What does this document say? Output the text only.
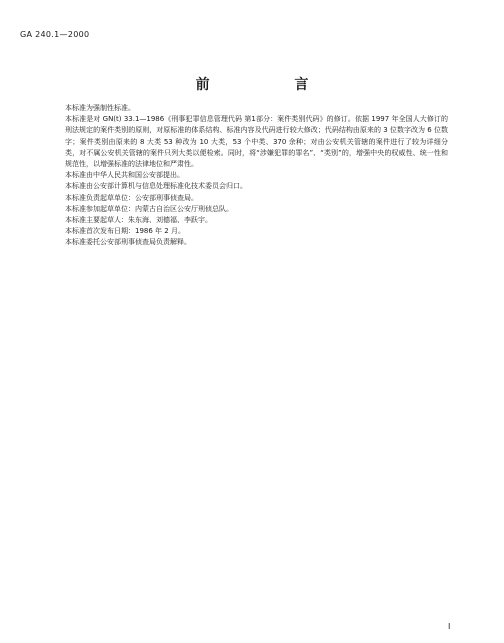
GA 240.1—2000
前 言

本标准为强制性标准。

本标准是对 GN(t) 33.1—1986《刑事犯罪信息管理代码 第1部分：案件类别代码》的修订。依据 1997 年全国人大修订的刑法规定的案件类别的原则，对原标准的体系结构、标准内容及代码进行较大修改；代码结构由原来的 3 位数字改为 6 位数字；案件类别由原来的 8 大类 53 种改为 10 大类，53 个中类、370 余种；对由公安机关管辖的案件进行了较为详细分类，对不属公安机关管辖的案件只列大类以便检索。同时，将“涉嫌犯罪的罪名”、“类别”的，增强中央的权威性、统一性和规范性，以增强标准的法律地位和严肃性。

本标准由中华人民共和国公安部提出。

本标准由公安部计算机与信息处理标准化技术委员会归口。

本标准负责起草单位：公安部刑事侦查局。

本标准参加起草单位：内蒙古自治区公安厅刑侦总队。

本标准主要起草人：朱东海、刘德福、李跃宇。

本标准首次发布日期：1986 年 2 月。

本标准委托公安部刑事侦查局负责解释。

I
